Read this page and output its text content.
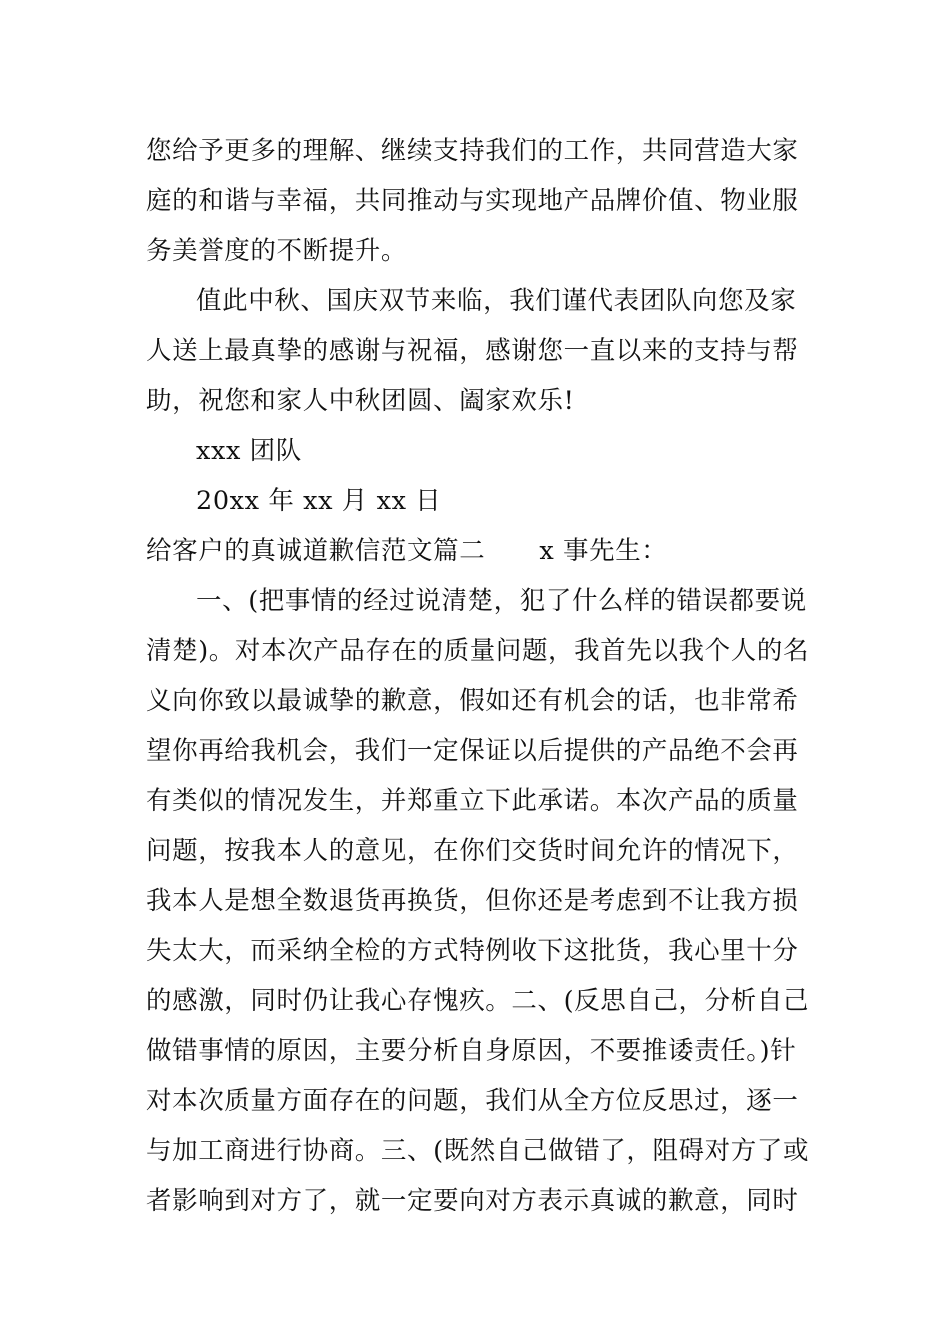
您给予更多的理解、继续支持我们的工作，共同营造大家
庭的和谐与幸福，共同推动与实现地产品牌价值、物业服
务美誉度的不断提升。
值此中秋、国庆双节来临，我们谨代表团队向您及家
人送上最真挚的感谢与祝福，感谢您一直以来的支持与帮
助，祝您和家人中秋团圆、阖家欢乐!
xxx 团队
20xx 年 xx 月 xx 日
给客户的真诚道歉信范文篇二 x 事先生：
一、(把事情的经过说清楚，犯了什么样的错误都要说
清楚)。对本次产品存在的质量问题，我首先以我个人的名
义向你致以最诚挚的歉意，假如还有机会的话，也非常希
望你再给我机会，我们一定保证以后提供的产品绝不会再
有类似的情况发生，并郑重立下此承诺。本次产品的质量
问题，按我本人的意见，在你们交货时间允许的情况下，
我本人是想全数退货再换货，但你还是考虑到不让我方损
失太大，而采纳全检的方式特例收下这批货，我心里十分
的感激，同时仍让我心存愧疚。二、(反思自己，分析自己
做错事情的原因，主要分析自身原因，不要推诿责任。)针
对本次质量方面存在的问题，我们从全方位反思过，逐一
与加工商进行协商。三、(既然自己做错了，阻碍对方了或
者影响到对方了，就一定要向对方表示真诚的歉意，同时
